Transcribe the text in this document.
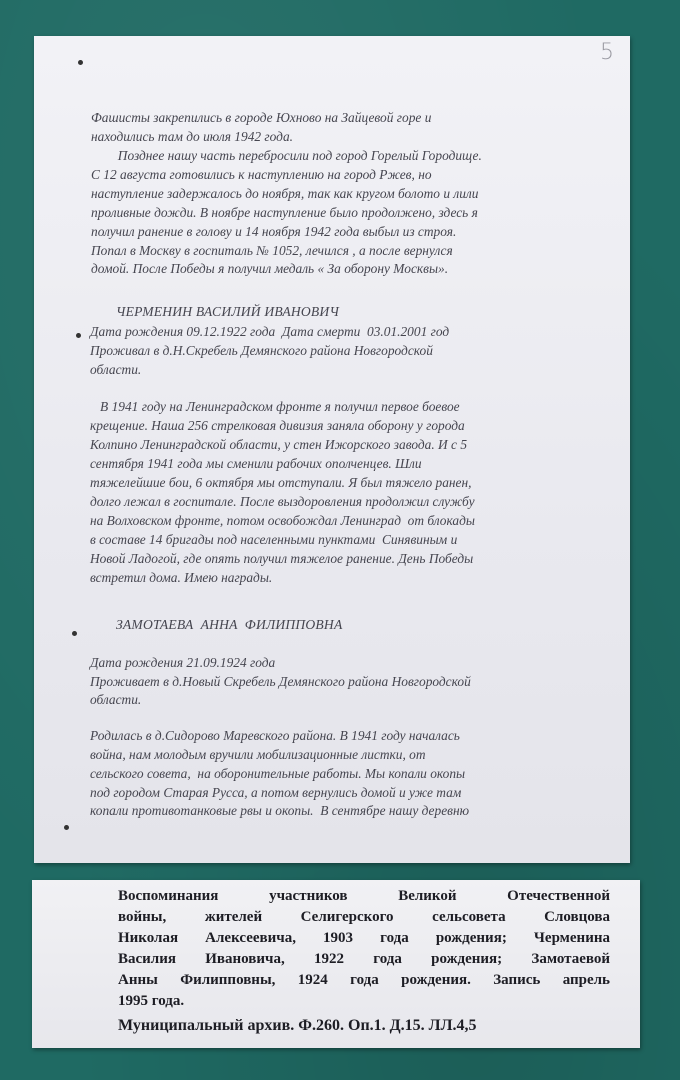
5
Фашисты закрепились в городе Юхново на Зайцевой горе и
находились там до июля 1942 года.
Позднее нашу часть перебросили под город Горелый Городище.
С 12 августа готовились к наступлению на город Ржев, но
наступление задержалось до ноября, так как кругом болото и лили
проливные дожди. В ноябре наступление было продолжено, здесь я
получил ранение в голову и 14 ноября 1942 года выбыл из строя.
Попал в Москву в госпиталь № 1052, лечился , а после вернулся
домой. После Победы я получил медаль « За оборону Москвы».
ЧЕРМЕНИН ВАСИЛИЙ ИВАНОВИЧ
Дата рождения 09.12.1922 года  Дата смерти  03.01.2001 год
Проживал в д.Н.Скребель Демянского района Новгородской
области.
В 1941 году на Ленинградском фронте я получил первое боевое
крещение. Наша 256 стрелковая дивизия заняла оборону у города
Колпино Ленинградской области, у стен Ижорского завода. И с 5
сентября 1941 года мы сменили рабочих ополченцев. Шли
тяжелейшие бои, 6 октября мы отступали. Я был тяжело ранен,
долго лежал в госпитале. После выздоровления продолжил службу
на Волховском фронте, потом освобождал Ленинград  от блокады
в составе 14 бригады под населенными пунктами  Синявиным и
Новой Ладогой, где опять получил тяжелое ранение. День Победы
встретил дома. Имею награды.
ЗАМОТАЕВА  АННА  ФИЛИППОВНА
Дата рождения 21.09.1924 года
Проживает в д.Новый Скребель Демянского района Новгородской
области.
Родилась в д.Сидорово Маревского района. В 1941 году началась
война, нам молодым вручили мобилизационные листки, от
сельского совета,  на оборонительные работы. Мы копали окопы
под городом Старая Русса, а потом вернулись домой и уже там
копали противотанковые рвы и окопы.  В сентябре нашу деревню
Воспоминания участников Великой Отечественной
войны, жителей Селигерского сельсовета Словцова
Николая Алексеевича, 1903 года рождения; Черменина
Василия Ивановича, 1922 года рождения; Замотаевой
Анны Филипповны, 1924 года рождения. Запись апрель
1995 года.
Муниципальный архив. Ф.260. Оп.1. Д.15. ЛЛ.4,5
